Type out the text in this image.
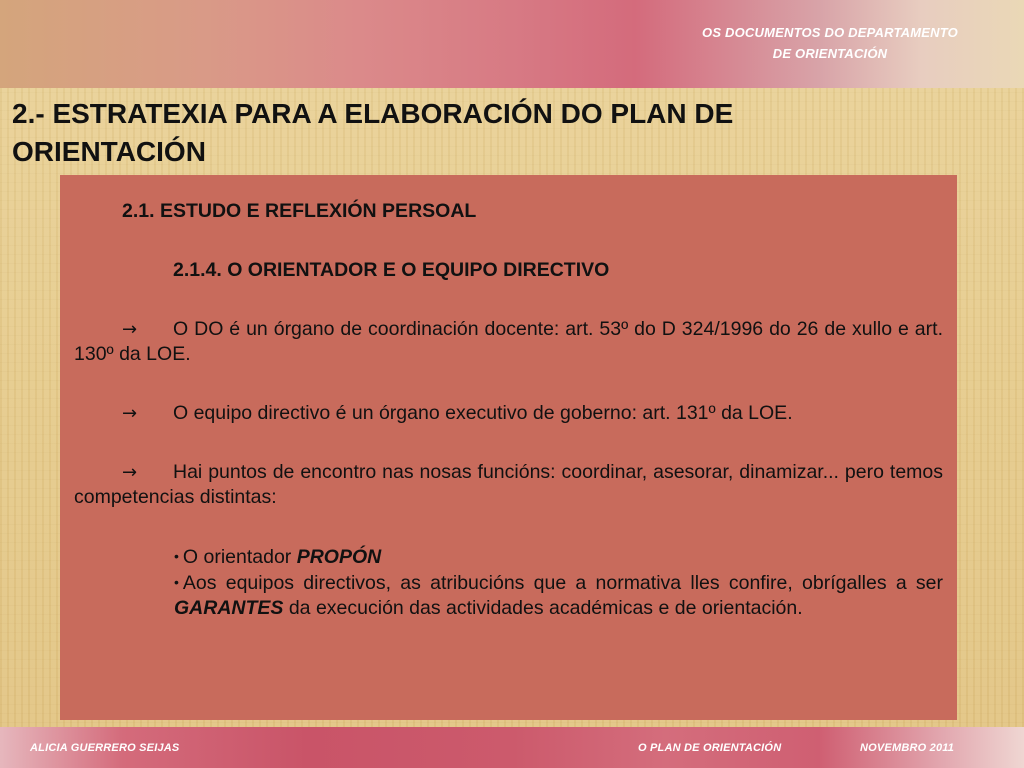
OS DOCUMENTOS DO DEPARTAMENTO
DE ORIENTACIÓN
2.- ESTRATEXIA PARA A ELABORACIÓN DO PLAN DE
ORIENTACIÓN

2.1. ESTUDO E REFLEXIÓN PERSOAL

2.1.4. O ORIENTADOR E O EQUIPO DIRECTIVO

→ O DO é un órgano de coordinación docente: art. 53º do D 324/1996 do 26 de xullo e art. 130º da LOE.

→ O equipo directivo é un órgano executivo de goberno: art. 131º da LOE.

→ Hai puntos de encontro nas nosas funcións: coordinar, asesorar, dinamizar... pero temos competencias distintas:

• O orientador PROPÓN

• Aos equipos directivos, as atribucións que a normativa lles confire, obrígalles a ser GARANTES da execución das actividades académicas e de orientación.

ALICIA GUERRERO SEIJAS	O PLAN DE ORIENTACIÓN	NOVEMBRO 2011
